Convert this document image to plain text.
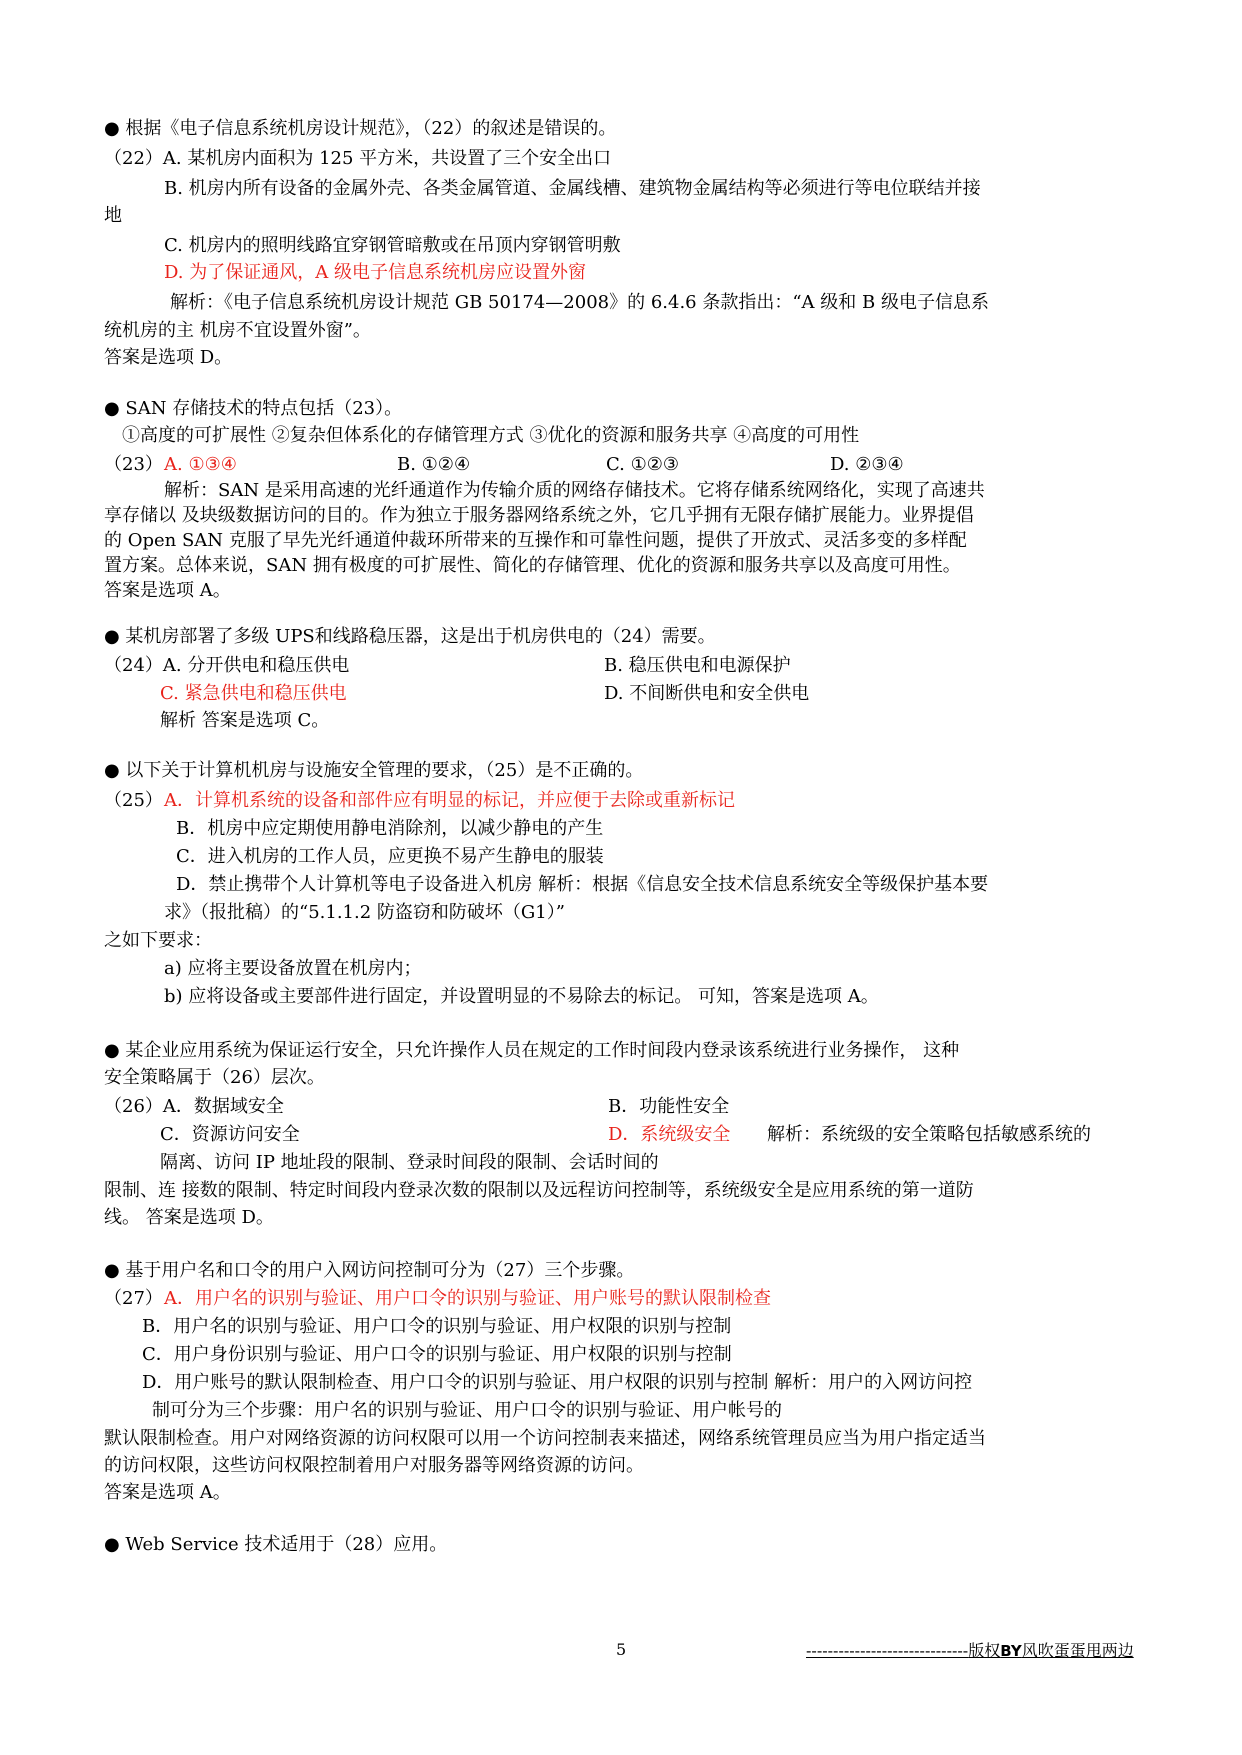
● 根据《电子信息系统机房设计规范》，（22）的叙述是错误的。
（22）A. 某机房内面积为 125 平方米，共设置了三个安全出口
B. 机房内所有设备的金属外壳、各类金属管道、金属线槽、建筑物金属结构等必须进行等电位联结并接
地
C. 机房内的照明线路宜穿钢管暗敷或在吊顶内穿钢管明敷
D. 为了保证通风，A 级电子信息系统机房应设置外窗
解析：《电子信息系统机房设计规范 GB 50174—2008》的 6.4.6 条款指出：“A 级和 B 级电子信息系
统机房的主 机房不宜设置外窗”。
答案是选项 D。
● SAN 存储技术的特点包括（23）。
①高度的可扩展性 ②复杂但体系化的存储管理方式 ③优化的资源和服务共享 ④高度的可用性
（23） A. ①③④	B. ①②④	C. ①②③	D. ②③④
解析：SAN 是采用高速的光纤通道作为传输介质的网络存储技术。它将存储系统网络化，实现了高速共
享存储以 及块级数据访问的目的。作为独立于服务器网络系统之外，它几乎拥有无限存储扩展能力。业界提倡
的 Open SAN 克服了早先光纤通道仲裁环所带来的互操作和可靠性问题，提供了开放式、灵活多变的多样配
置方案。总体来说，SAN 拥有极度的可扩展性、简化的存储管理、优化的资源和服务共享以及高度可用性。
答案是选项 A。
● 某机房部署了多级 UPS和线路稳压器，这是出于机房供电的（24）需要。
（24）A. 分开供电和稳压供电	B. 稳压供电和电源保护
C. 紧急供电和稳压供电	D. 不间断供电和安全供电
解析 答案是选项 C。
● 以下关于计算机机房与设施安全管理的要求，（25）是不正确的。
（25） A．计算机系统的设备和部件应有明显的标记，并应便于去除或重新标记
B．机房中应定期使用静电消除剂，以减少静电的产生
C．进入机房的工作人员，应更换不易产生静电的服装
D．禁止携带个人计算机等电子设备进入机房 解析：根据《信息安全技术信息系统安全等级保护基本要
求》（报批稿）的“5.1.1.2 防盗窃和防破坏（G1）”
之如下要求：
a) 应将主要设备放置在机房内；
b) 应将设备或主要部件进行固定，并设置明显的不易除去的标记。 可知，答案是选项 A。
● 某企业应用系统为保证运行安全，只允许操作人员在规定的工作时间段内登录该系统进行业务操作， 这种
安全策略属于（26）层次。
（26）A．数据域安全	B．功能性安全
C．资源访问安全	D．系统级安全 解析：系统级的安全策略包括敏感系统的
隔离、访问 IP 地址段的限制、登录时间段的限制、会话时间的
限制、连 接数的限制、特定时间段内登录次数的限制以及远程访问控制等，系统级安全是应用系统的第一道防
线。 答案是选项 D。
● 基于用户名和口令的用户入网访问控制可分为（27）三个步骤。
（27） A．用户名的识别与验证、用户口令的识别与验证、用户账号的默认限制检查
B．用户名的识别与验证、用户口令的识别与验证、用户权限的识别与控制
C．用户身份识别与验证、用户口令的识别与验证、用户权限的识别与控制
D．用户账号的默认限制检查、用户口令的识别与验证、用户权限的识别与控制 解析：用户的入网访问控
制可分为三个步骤：用户名的识别与验证、用户口令的识别与验证、用户帐号的
默认限制检查。用户对网络资源的访问权限可以用一个访问控制表来描述，网络系统管理员应当为用户指定适当
的访问权限，这些访问权限控制着用户对服务器等网络资源的访问。
答案是选项 A。
● Web Service 技术适用于（28）应用。
5	------------------------------版权BY风吹蛋蛋甩两边
